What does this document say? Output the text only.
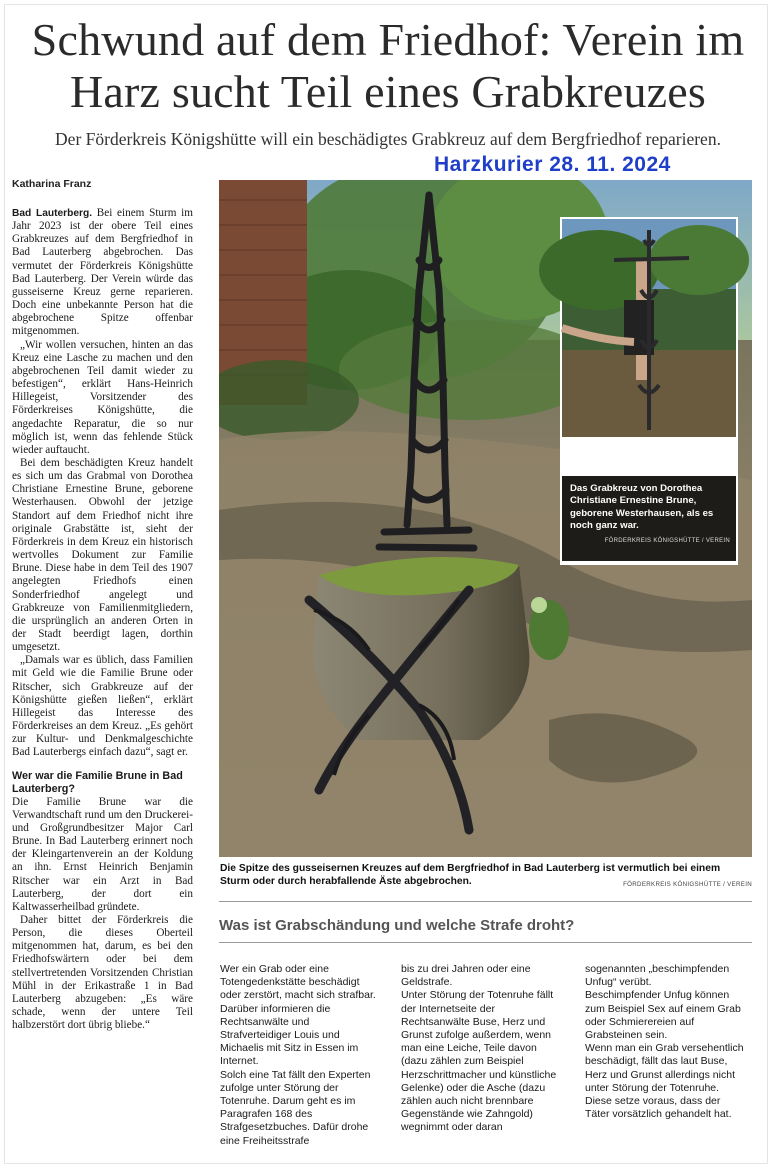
Schwund auf dem Friedhof: Verein im
Harz sucht Teil eines Grabkreuzes
Der Förderkreis Königshütte will ein beschädigtes Grabkreuz auf dem Bergfriedhof reparieren.
Harzkurier 28. 11. 2024
Katharina Franz

Bad Lauterberg. Bei einem Sturm im Jahr 2023 ist der obere Teil eines Grabkreuzes auf dem Bergfriedhof in Bad Lauterberg abgebrochen. Das vermutet der Förderkreis Königshütte Bad Lauterberg. Der Verein würde das gusseiserne Kreuz gerne reparieren. Doch eine unbekannte Person hat die abgebrochene Spitze offenbar mitgenommen.

„Wir wollen versuchen, hinten an das Kreuz eine Lasche zu machen und den abgebrochenen Teil damit wieder zu befestigen“, erklärt Hans-Heinrich Hillegeist, Vorsitzender des Förderkreises Königshütte, die angedachte Reparatur, die so nur möglich ist, wenn das fehlende Stück wieder auftaucht.

Bei dem beschädigten Kreuz handelt es sich um das Grabmal von Dorothea Christiane Ernestine Brune, geborene Westerhausen. Obwohl der jetzige Standort auf dem Friedhof nicht ihre originale Grabstätte ist, sieht der Förderkreis in dem Kreuz ein historisch wertvolles Dokument zur Familie Brune. Diese habe in dem Teil des 1907 angelegten Friedhofs einen Sonderfriedhof angelegt und Grabkreuze von Familienmitgliedern, die ursprünglich an anderen Orten in der Stadt beerdigt lagen, dorthin umgesetzt.

„Damals war es üblich, dass Familien mit Geld wie die Familie Brune oder Ritscher, sich Grabkreuze auf der Königshütte gießen ließen“, erklärt Hillegeist das Interesse des Förderkreises an dem Kreuz. „Es gehört zur Kultur- und Denkmalgeschichte Bad Lauterbergs einfach dazu“, sagt er.

Wer war die Familie Brune in Bad Lauterberg?

Die Familie Brune war die Verwandtschaft rund um den Druckerei- und Großgrundbesitzer Major Carl Brune. In Bad Lauterberg erinnert noch der Kleingartenverein an der Koldung an ihn. Ernst Heinrich Benjamin Ritscher war ein Arzt in Bad Lauterberg, der dort ein Kaltwasserheilbad gründete.

Daher bittet der Förderkreis die Person, die dieses Oberteil mitgenommen hat, darum, es bei den Friedhofswärtern oder bei dem stellvertretenden Vorsitzenden Christian Mühl in der Erikastraße 1 in Bad Lauterberg abzugeben: „Es wäre schade, wenn der untere Teil halbzerstört dort übrig bliebe.“

Das Grabkreuz von Dorothea Christiane Ernestine Brune, geborene Westerhausen, als es noch ganz war.
FÖRDERKREIS KÖNIGSHÜTTE / VEREIN
Die Spitze des gusseisernen Kreuzes auf dem Bergfriedhof in Bad Lauterberg ist vermutlich bei einem Sturm oder durch herabfallende Äste abgebrochen.	FÖRDERKREIS KÖNIGSHÜTTE / VEREIN
Was ist Grabschändung und welche Strafe droht?
Wer ein Grab oder eine Totengedenkstätte beschädigt oder zerstört, macht sich strafbar. Darüber informieren die Rechtsanwälte und Strafverteidiger Louis und Michaelis mit Sitz in Essen im Internet.
Solch eine Tat fällt den Experten zufolge unter Störung der Totenruhe. Darum geht es im Paragrafen 168 des Strafgesetzbuches. Dafür drohe eine Freiheitsstrafe
bis zu drei Jahren oder eine Geldstrafe.
Unter Störung der Totenruhe fällt der Internetseite der Rechtsanwälte Buse, Herz und Grunst zufolge außerdem, wenn man eine Leiche, Teile davon (dazu zählen zum Beispiel Herzschrittmacher und künstliche Gelenke) oder die Asche (dazu zählen auch nicht brennbare Gegenstände wie Zahngold) wegnimmt oder daran
sogenannten „beschimpfenden Unfug“ verübt.
Beschimpfender Unfug können zum Beispiel Sex auf einem Grab oder Schmierereien auf Grabsteinen sein.
Wenn man ein Grab versehentlich beschädigt, fällt das laut Buse, Herz und Grunst allerdings nicht unter Störung der Totenruhe. Diese setze voraus, dass der Täter vorsätzlich gehandelt hat.
